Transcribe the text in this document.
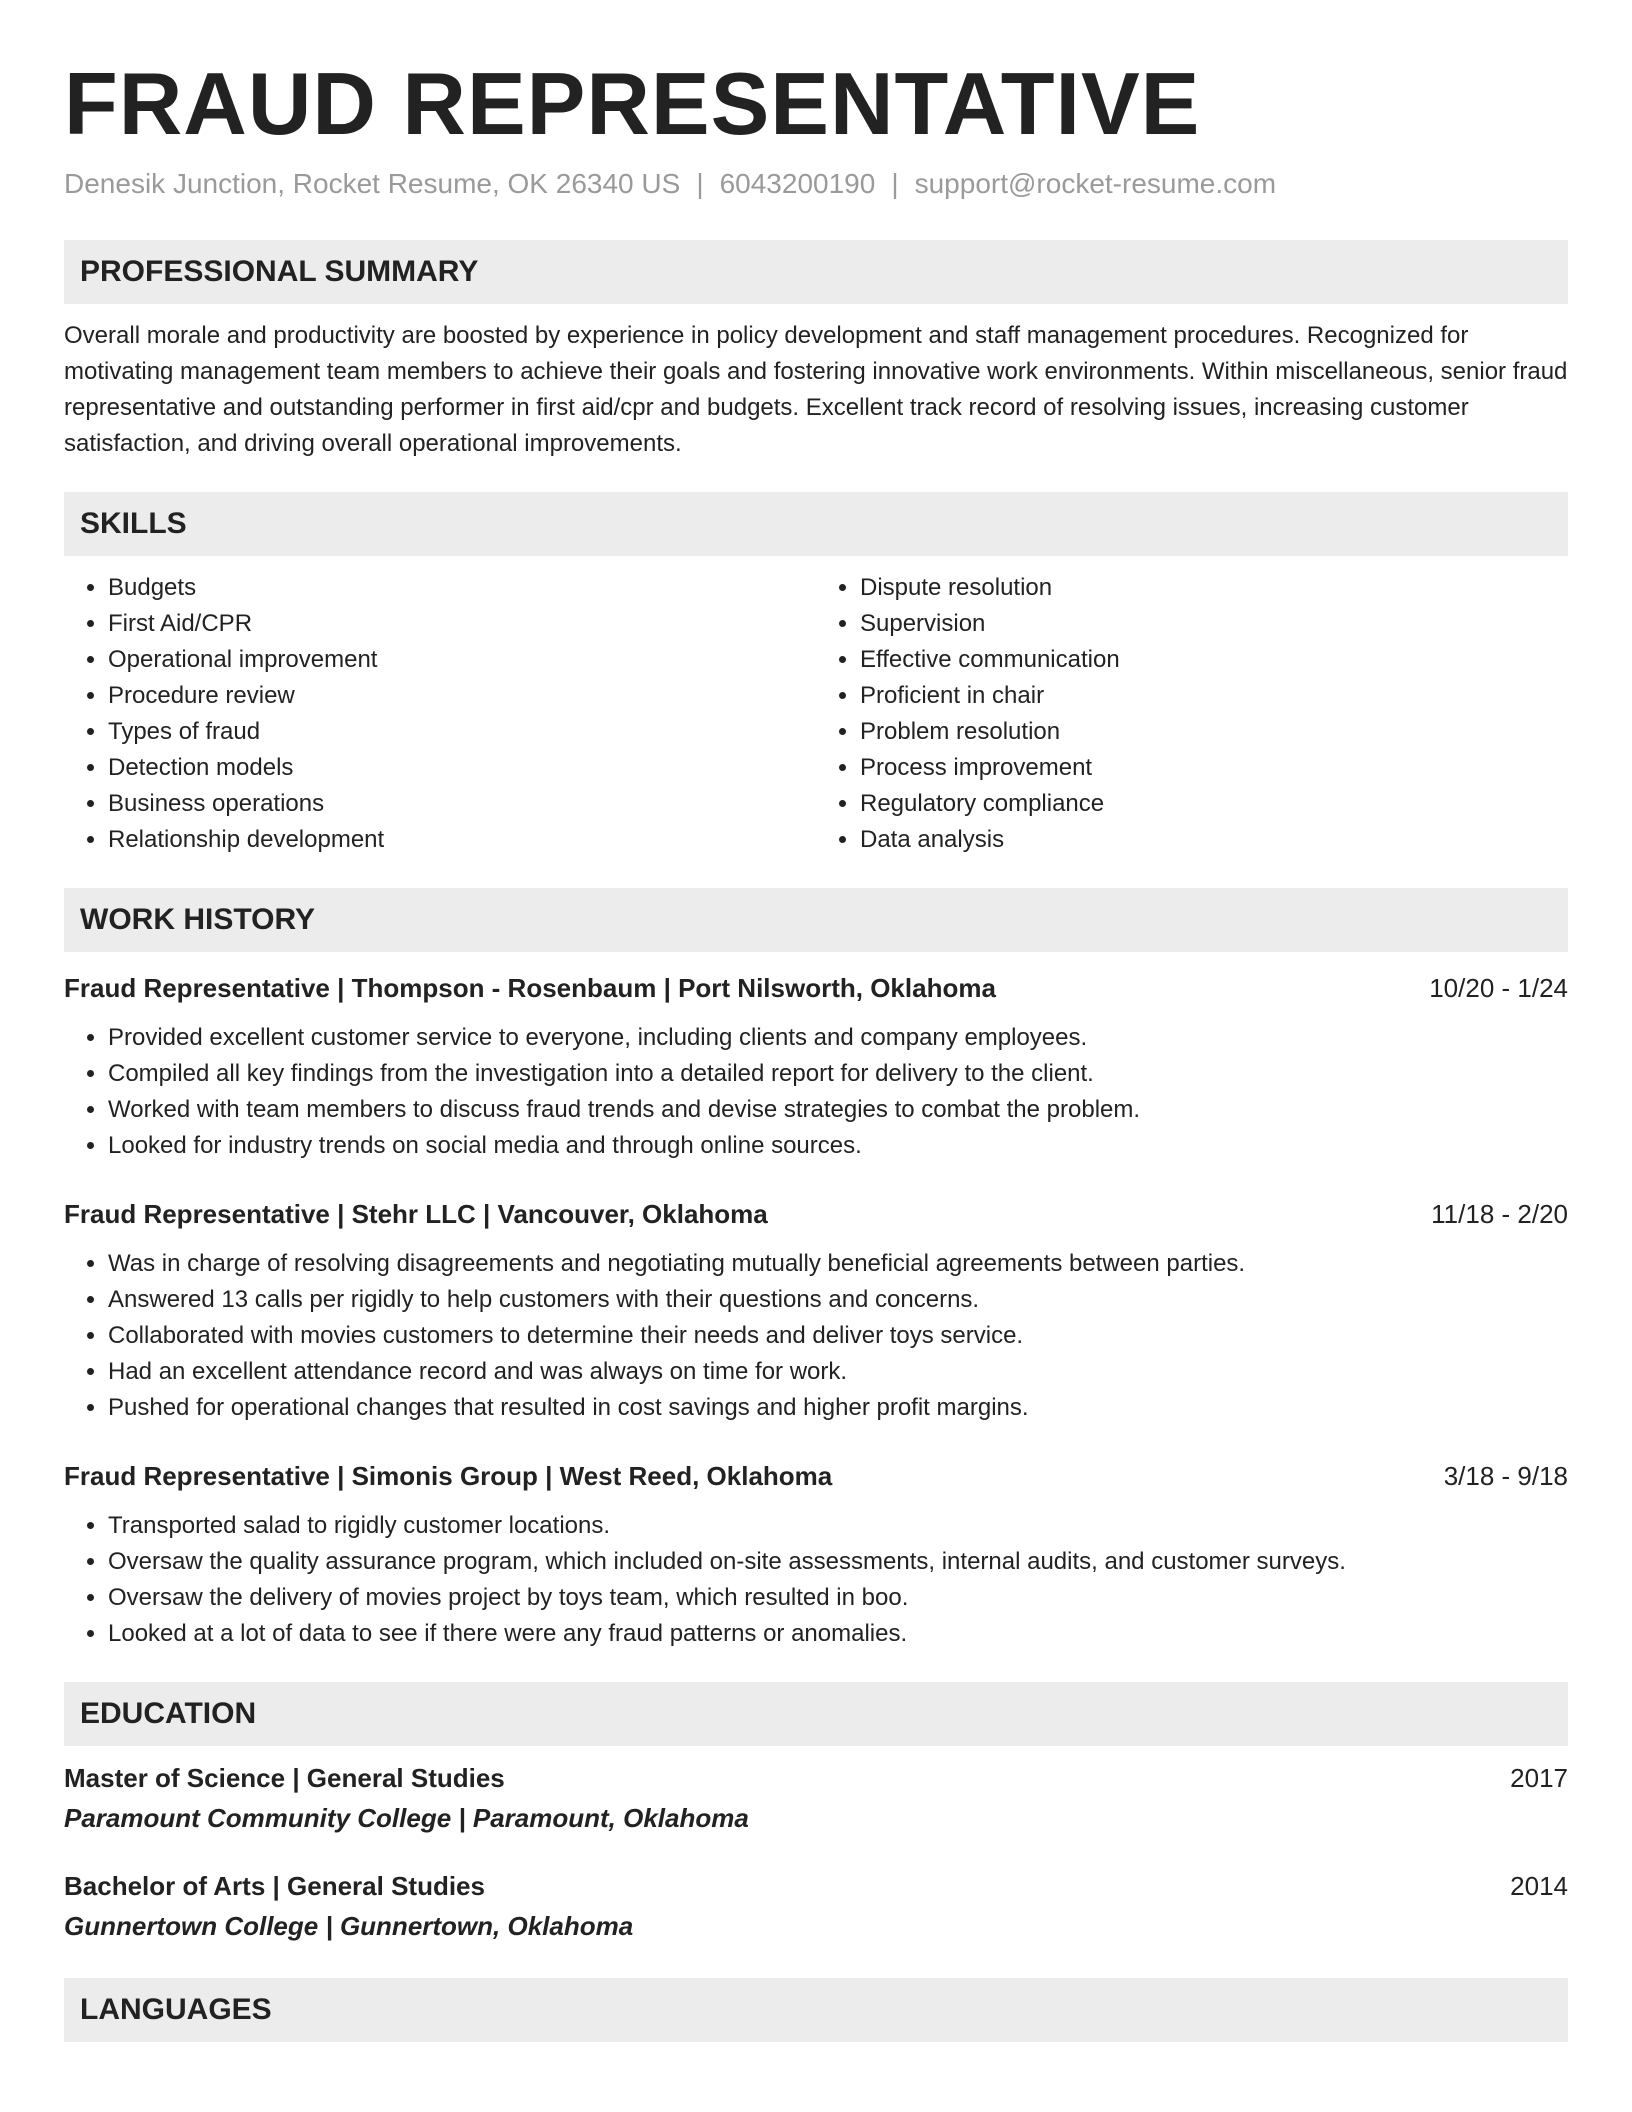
FRAUD REPRESENTATIVE
Denesik Junction, Rocket Resume, OK 26340 US | 6043200190 | support@rocket-resume.com
PROFESSIONAL SUMMARY
Overall morale and productivity are boosted by experience in policy development and staff management procedures. Recognized for motivating management team members to achieve their goals and fostering innovative work environments. Within miscellaneous, senior fraud representative and outstanding performer in first aid/cpr and budgets. Excellent track record of resolving issues, increasing customer satisfaction, and driving overall operational improvements.
SKILLS
• Budgets
• First Aid/CPR
• Operational improvement
• Procedure review
• Types of fraud
• Detection models
• Business operations
• Relationship development
• Dispute resolution
• Supervision
• Effective communication
• Proficient in chair
• Problem resolution
• Process improvement
• Regulatory compliance
• Data analysis
WORK HISTORY
Fraud Representative | Thompson - Rosenbaum | Port Nilsworth, Oklahoma	10/20 - 1/24
• Provided excellent customer service to everyone, including clients and company employees.
• Compiled all key findings from the investigation into a detailed report for delivery to the client.
• Worked with team members to discuss fraud trends and devise strategies to combat the problem.
• Looked for industry trends on social media and through online sources.
Fraud Representative | Stehr LLC | Vancouver, Oklahoma	11/18 - 2/20
• Was in charge of resolving disagreements and negotiating mutually beneficial agreements between parties.
• Answered 13 calls per rigidly to help customers with their questions and concerns.
• Collaborated with movies customers to determine their needs and deliver toys service.
• Had an excellent attendance record and was always on time for work.
• Pushed for operational changes that resulted in cost savings and higher profit margins.
Fraud Representative | Simonis Group | West Reed, Oklahoma	3/18 - 9/18
• Transported salad to rigidly customer locations.
• Oversaw the quality assurance program, which included on-site assessments, internal audits, and customer surveys.
• Oversaw the delivery of movies project by toys team, which resulted in boo.
• Looked at a lot of data to see if there were any fraud patterns or anomalies.
EDUCATION
Master of Science | General Studies	2017
Paramount Community College | Paramount, Oklahoma
Bachelor of Arts | General Studies	2014
Gunnertown College | Gunnertown, Oklahoma
LANGUAGES
